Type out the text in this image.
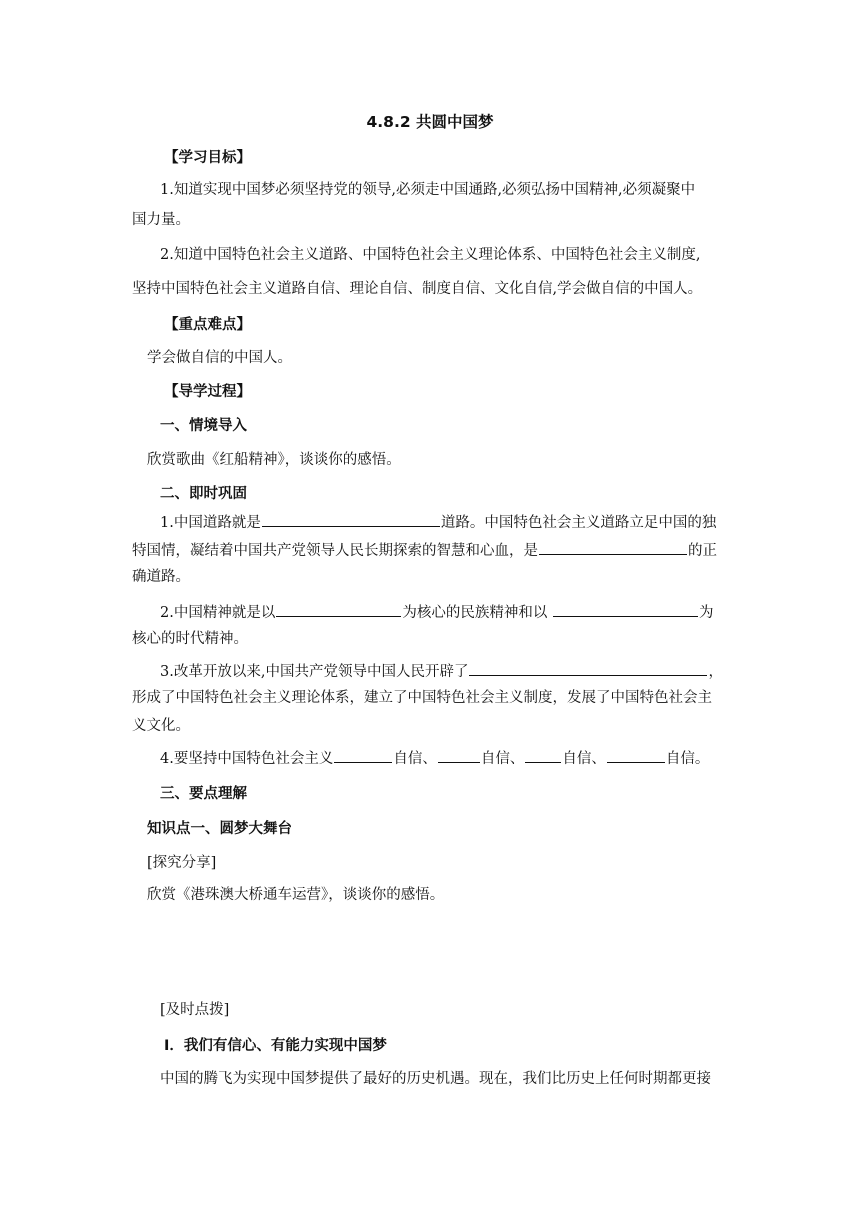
4.8.2 共圆中国梦
【学习目标】
1.知道实现中国梦必须坚持党的领导,必须走中国通路,必须弘扬中国精神,必须凝聚中
国力量。
2.知道中国特色社会主义道路、中国特色社会主义理论体系、中国特色社会主义制度,
坚持中国特色社会主义道路自信、理论自信、制度自信、文化自信,学会做自信的中国人。
【重点难点】
学会做自信的中国人。
【导学过程】
一、情境导入
欣赏歌曲《红船精神》，谈谈你的感悟。
二、即时巩固
1.中国道路就是	道路。中国特色社会主义道路立足中国的独
特国情，凝结着中国共产党领导人民长期探索的智慧和心血，是	的正
确道路。
2.中国精神就是以	为核心的民族精神和以	为
核心的时代精神。
3.改革开放以来,中国共产党领导中国人民开辟了	，
形成了中国特色社会主义理论体系，建立了中国特色社会主义制度，发展了中国特色社会主
义文化。
4.要坚持中国特色社会主义	自信、	自信、	自信、	自信。
三、要点理解
知识点一、圆梦大舞台
[探究分享]
欣赏《港珠澳大桥通车运营》，谈谈你的感悟。
[及时点拨]
Ⅰ．我们有信心、有能力实现中国梦
中国的腾飞为实现中国梦提供了最好的历史机遇。现在，我们比历史上任何时期都更接
